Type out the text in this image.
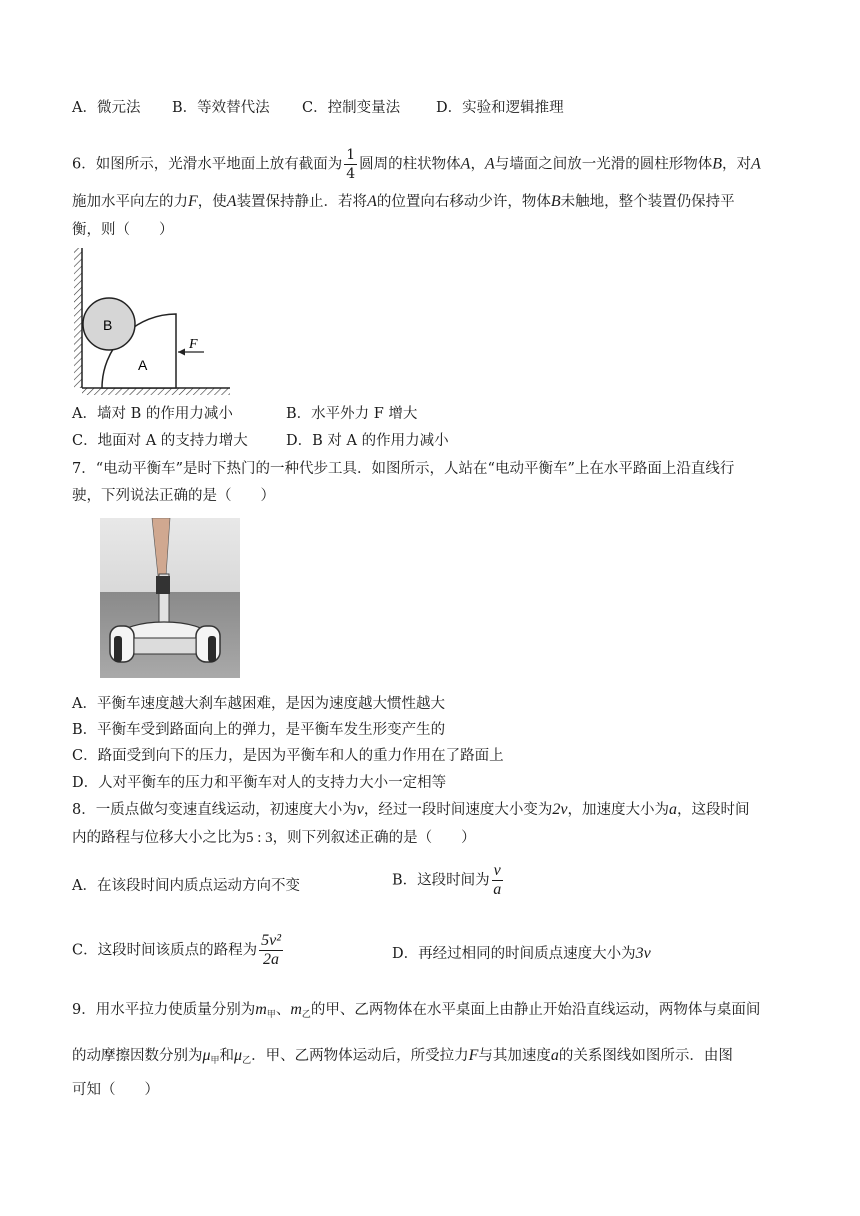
A．微元法 B．等效替代法 C．控制变量法 D．实验和逻辑推理
6．如图所示，光滑水平地面上放有截面为 $\frac{1}{4}$ 圆周的柱状物体A，A与墙面之间放一光滑的圆柱形物体B，对A
施加水平向左的力F，使A装置保持静止．若将A的位置向右移动少许，物体B未触地，整个装置仍保持平
衡，则（　　）
B
A
F
A．墙对 B 的作用力减小	B．水平外力 F 增大
C．地面对 A 的支持力增大	D．B 对 A 的作用力减小
7．“电动平衡车”是时下热门的一种代步工具．如图所示，人站在“电动平衡车”上在水平路面上沿直线行
驶，下列说法正确的是（　　）
A．平衡车速度越大刹车越困难，是因为速度越大惯性越大
B．平衡车受到路面向上的弹力，是平衡车发生形变产生的
C．路面受到向下的压力，是因为平衡车和人的重力作用在了路面上
D．人对平衡车的压力和平衡车对人的支持力大小一定相等
8．一质点做匀变速直线运动，初速度大小为v，经过一段时间速度大小变为2v，加速度大小为a，这段时间
内的路程与位移大小之比为5 : 3，则下列叙述正确的是（　　）
A．在该段时间内质点运动方向不变	B．这段时间为 $\frac{v}{a}$
C．这段时间该质点的路程为 $\frac{\text{5v²}}{2a}$	D．再经过相同的时间质点速度大小为3v
9．用水平拉力使质量分别为$m_甲$、$m_乙$的甲、乙两物体在水平桌面上由静止开始沿直线运动，两物体与桌面间
的动摩擦因数分别为$\mu_甲$和$\mu_乙$．甲、乙两物体运动后，所受拉力F与其加速度a的关系图线如图所示．由图
可知（　　）
